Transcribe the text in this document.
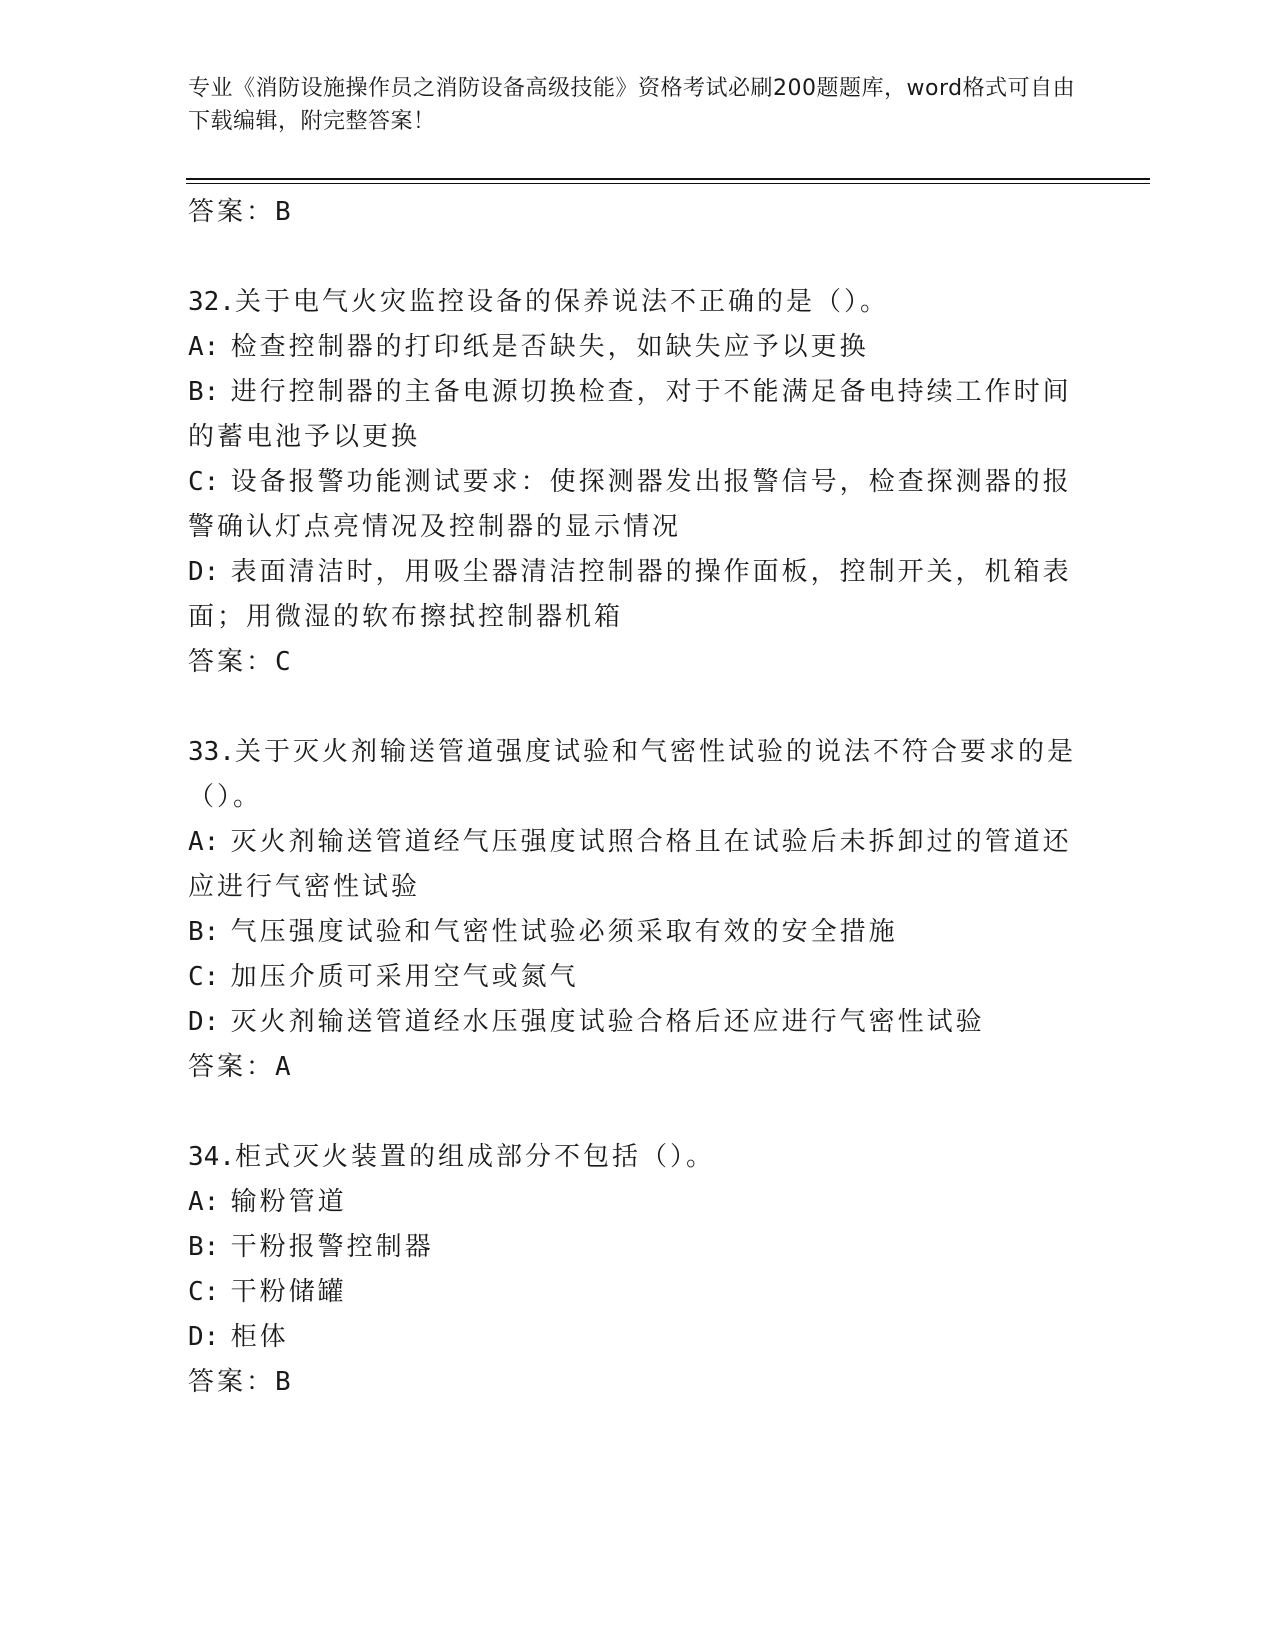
专业《消防设施操作员之消防设备高级技能》资格考试必刷200题题库，word格式可自由下载编辑，附完整答案！
答案：B

32.关于电气火灾监控设备的保养说法不正确的是（）。

A: 检查控制器的打印纸是否缺失，如缺失应予以更换

B: 进行控制器的主备电源切换检查，对于不能满足备电持续工作时间的蓄电池予以更换

C: 设备报警功能测试要求：使探测器发出报警信号，检查探测器的报警确认灯点亮情况及控制器的显示情况

D: 表面清洁时，用吸尘器清洁控制器的操作面板，控制开关，机箱表面；用微湿的软布擦拭控制器机箱

答案：C

33.关于灭火剂输送管道强度试验和气密性试验的说法不符合要求的是（）。

A: 灭火剂输送管道经气压强度试照合格且在试验后未拆卸过的管道还应进行气密性试验

B: 气压强度试验和气密性试验必须采取有效的安全措施

C: 加压介质可采用空气或氮气

D: 灭火剂输送管道经水压强度试验合格后还应进行气密性试验

答案：A

34.柜式灭火装置的组成部分不包括（）。

A: 输粉管道

B: 干粉报警控制器

C: 干粉储罐

D: 柜体

答案：B
